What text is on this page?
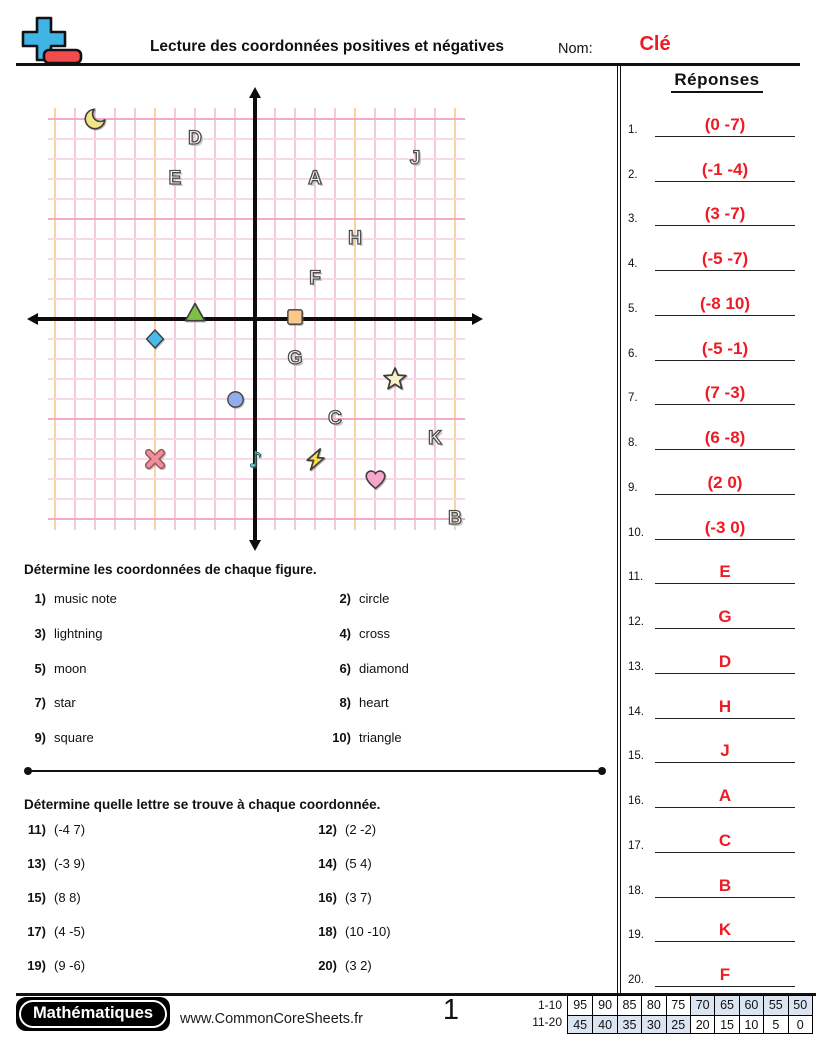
Lecture des coordonnées positives et négatives	Nom:	Clé
Réponses
1.	(0 -7)
2.	(-1 -4)
3.	(3 -7)
4.	(-5 -7)
5.	(-8 10)
6.	(-5 -1)
7.	(7 -3)
8.	(6 -8)
9.	(2 0)
10.	(-3 0)
11.	E
12.	G
13.	D
14.	H
15.	J
16.	A
17.	C
18.	B
19.	K
20.	F
D
E
J
A
H
F
G
C
K
B
♪
Détermine les coordonnées de chaque figure.
1) music note	2) circle
3) lightning	4) cross
5) moon	6) diamond
7) star	8) heart
9) square	10) triangle
Détermine quelle lettre se trouve à chaque coordonnée.
11) (-4 7)	12) (2 -2)
13) (-3 9)	14) (5 4)
15) (8 8)	16) (3 7)
17) (4 -5)	18) (10 -10)
19) (9 -6)	20) (3 2)
Mathématiques	www.CommonCoreSheets.fr	1	1-10
11-20
95 90 85 80 75 70 65 60 55 50
45 40 35 30 25 20 15 10	5	0
